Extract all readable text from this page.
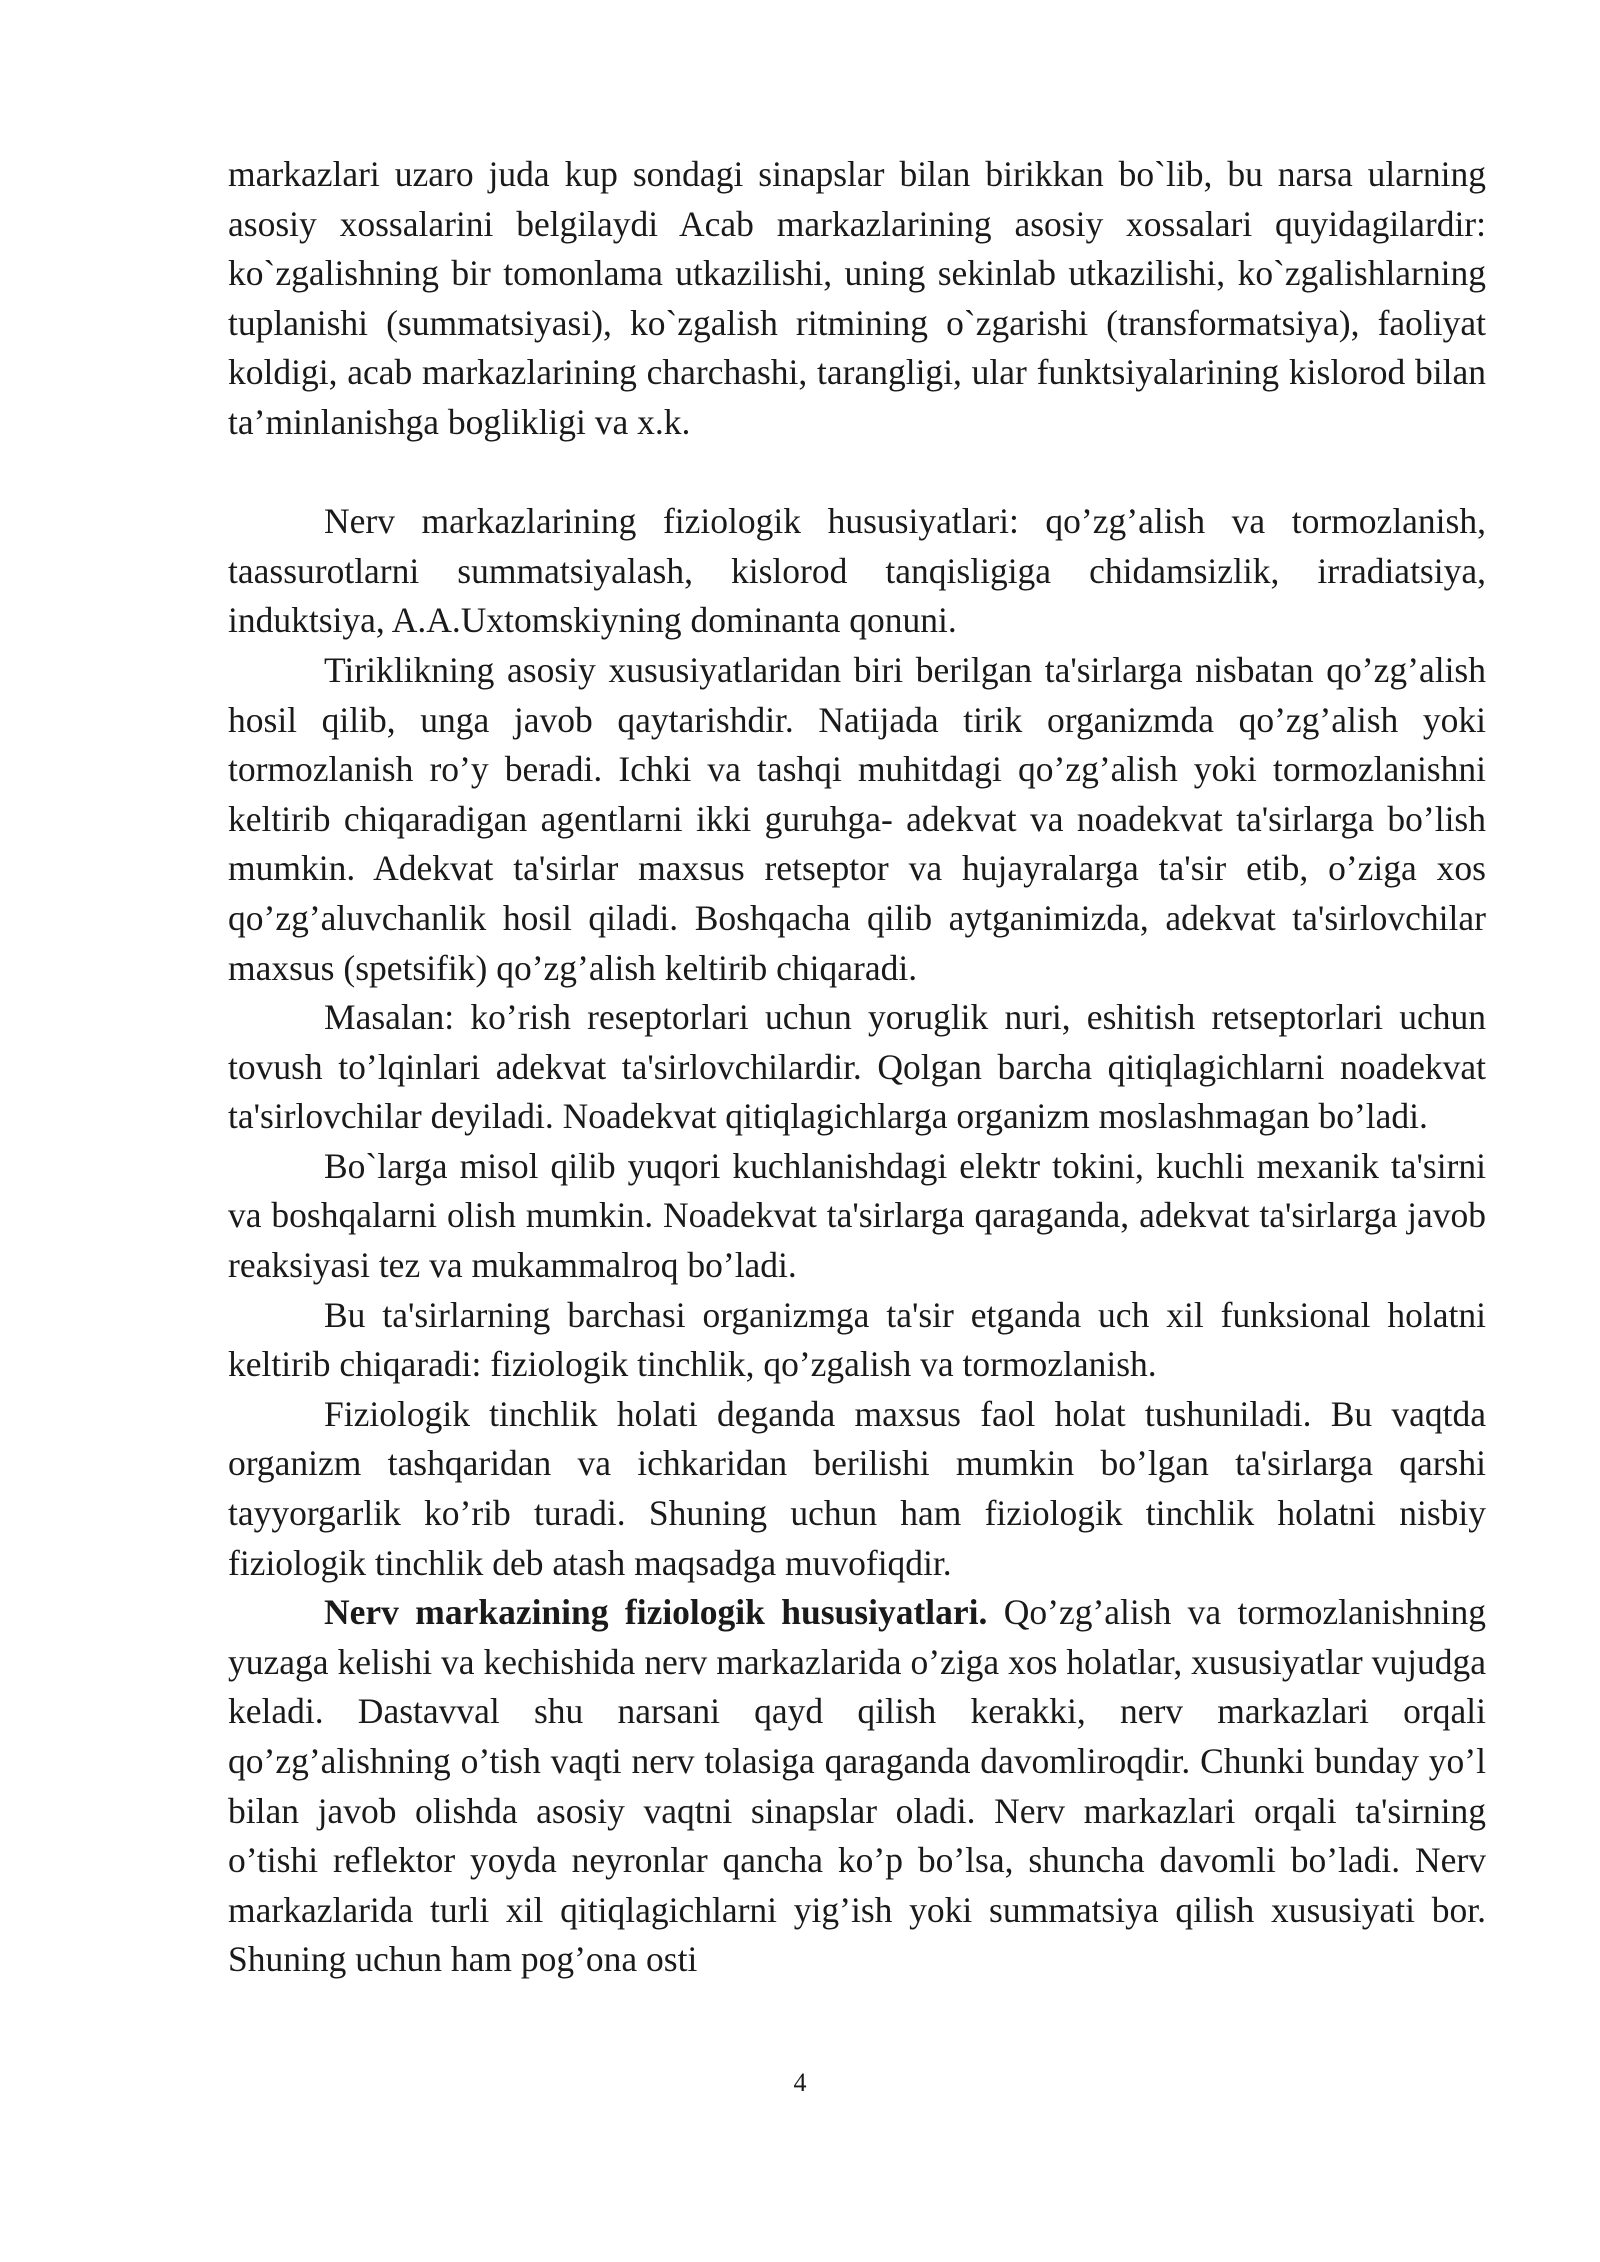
markazlari uzaro juda kup sondagi sinapslar bilan birikkan bo`lib, bu narsa ularning asosiy xossalarini belgilaydi Acab markazlarining asosiy xossalari quyidagilardir: ko`zgalishning bir tomonlama utkazilishi, uning sekinlab utkazilishi, ko`zgalishlarning tuplanishi (summatsiyasi), ko`zgalish ritmining o`zgarishi (transformatsiya), faoliyat koldigi, acab markazlarining charchashi, tarangligi, ular funktsiyalarining kislorod bilan ta’minlanishga boglikligi va x.k.

Nerv markazlarining fiziologik hususiyatlari: qo’zg’alish va tormozlanish, taassurotlarni summatsiyalash, kislorod tanqisligiga chidamsizlik, irradiatsiya, induktsiya, A.A.Uxtomskiyning dominanta qonuni.

Tiriklikning asosiy xususiyatlaridan biri berilgan ta'sirlarga nisbatan qo’zg’alish hosil qilib, unga javob qaytarishdir. Natijada tirik organizmda qo’zg’alish yoki tormozlanish ro’y beradi. Ichki va tashqi muhitdagi qo’zg’alish yoki tormozlanishni keltirib chiqaradigan agentlarni ikki guruhga- adekvat va noadekvat ta'sirlarga bo’lish mumkin. Adekvat ta'sirlar maxsus retseptor va hujayralarga ta'sir etib, o’ziga xos qo’zg’aluvchanlik hosil qiladi. Boshqacha qilib aytganimizda, adekvat ta'sirlovchilar maxsus (spetsifik) qo’zg’alish keltirib chiqaradi.

Masalan: ko’rish reseptorlari uchun yoruglik nuri, eshitish retseptorlari uchun tovush to’lqinlari adekvat ta'sirlovchilardir. Qolgan barcha qitiqlagichlarni noadekvat ta'sirlovchilar deyiladi. Noadekvat qitiqlagichlarga organizm moslashmagan bo’ladi.

Bo`larga misol qilib yuqori kuchlanishdagi elektr tokini, kuchli mexanik ta'sirni va boshqalarni olish mumkin. Noadekvat ta'sirlarga qaraganda, adekvat ta'sirlarga javob reaksiyasi tez va mukammalroq bo’ladi.

Bu ta'sirlarning barchasi organizmga ta'sir etganda uch xil funksional holatni keltirib chiqaradi: fiziologik tinchlik, qo’zgalish va tormozlanish.

Fiziologik tinchlik holati deganda maxsus faol holat tushuniladi. Bu vaqtda organizm tashqaridan va ichkaridan berilishi mumkin bo’lgan ta'sirlarga qarshi tayyorgarlik ko’rib turadi. Shuning uchun ham fiziologik tinchlik holatni nisbiy fiziologik tinchlik deb atash maqsadga muvofiqdir.

Nerv markazining fiziologik hususiyatlari. Qo’zg’alish va tormozlanishning yuzaga kelishi va kechishida nerv markazlarida o’ziga xos holatlar, xususiyatlar vujudga keladi. Dastavval shu narsani qayd qilish kerakki, nerv markazlari orqali qo’zg’alishning o’tish vaqti nerv tolasiga qaraganda davomliroqdir. Chunki bunday yo’l bilan javob olishda asosiy vaqtni sinapslar oladi. Nerv markazlari orqali ta'sirning o’tishi reflektor yoyda neyronlar qancha ko’p bo’lsa, shuncha davomli bo’ladi. Nerv markazlarida turli xil qitiqlagichlarni yig’ish yoki summatsiya qilish xususiyati bor. Shuning uchun ham pog’ona osti

4
